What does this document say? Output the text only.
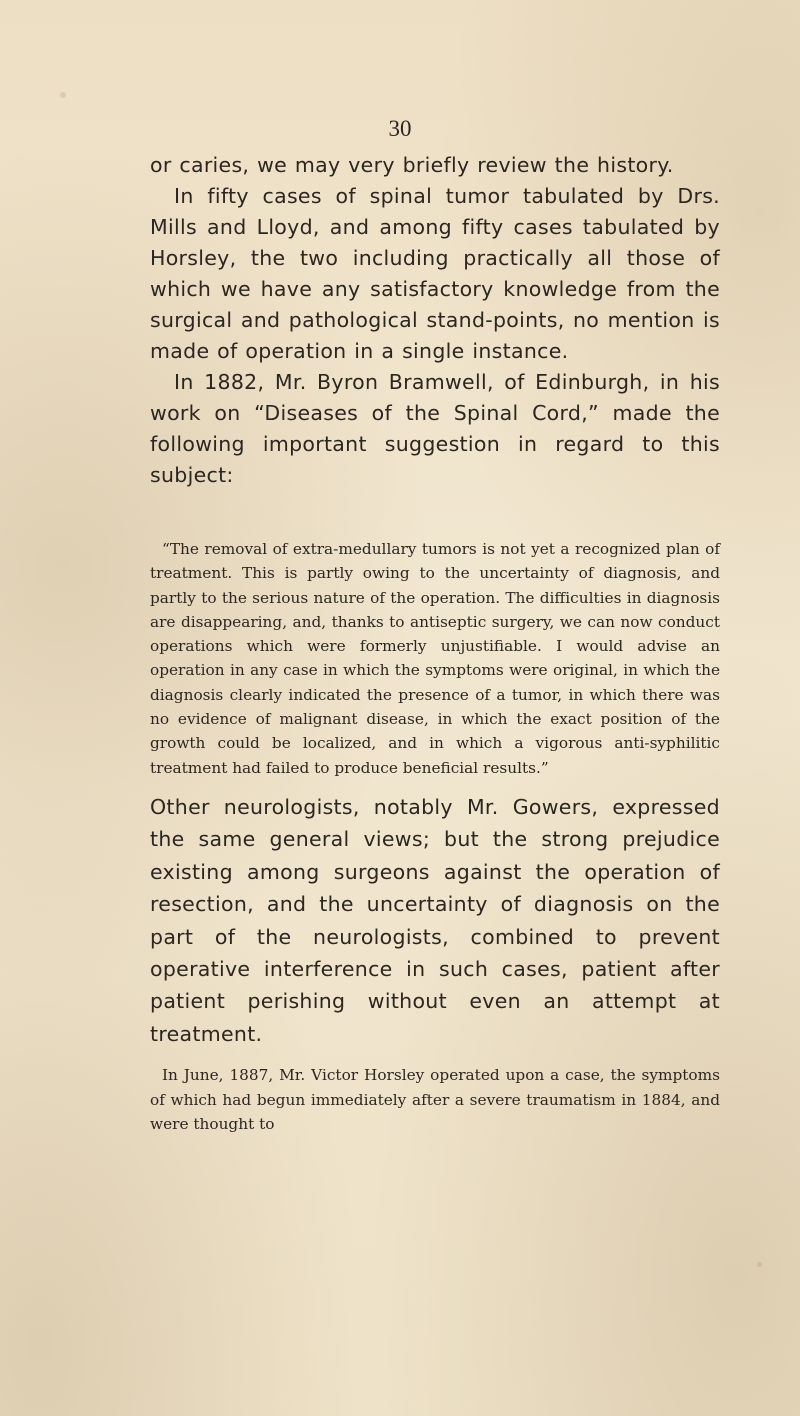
30

or caries, we may very briefly review the history.

In fifty cases of spinal tumor tabulated by Drs. Mills and Lloyd, and among fifty cases tabulated by Horsley, the two including practically all those of which we have any satisfactory knowledge from the surgical and pathological stand-points, no mention is made of operation in a single instance.

In 1882, Mr. Byron Bramwell, of Edinburgh, in his work on “Diseases of the Spinal Cord,” made the following important suggestion in regard to this subject:

“The removal of extra-medullary tumors is not yet a recognized plan of treatment. This is partly owing to the uncertainty of diagnosis, and partly to the serious nature of the operation. The difficulties in diagnosis are disappearing, and, thanks to antiseptic surgery, we can now conduct operations which were formerly unjustifiable. I would advise an operation in any case in which the symptoms were original, in which the diagnosis clearly indicated the presence of a tumor, in which there was no evidence of malignant disease, in which the exact position of the growth could be localized, and in which a vigorous anti-syphilitic treatment had failed to produce beneficial results.”

Other neurologists, notably Mr. Gowers, expressed the same general views; but the strong prejudice existing among surgeons against the operation of resection, and the uncertainty of diagnosis on the part of the neurologists, combined to prevent operative interference in such cases, patient after patient perishing without even an attempt at treatment.

In June, 1887, Mr. Victor Horsley operated upon a case, the symptoms of which had begun immediately after a severe traumatism in 1884, and were thought to
